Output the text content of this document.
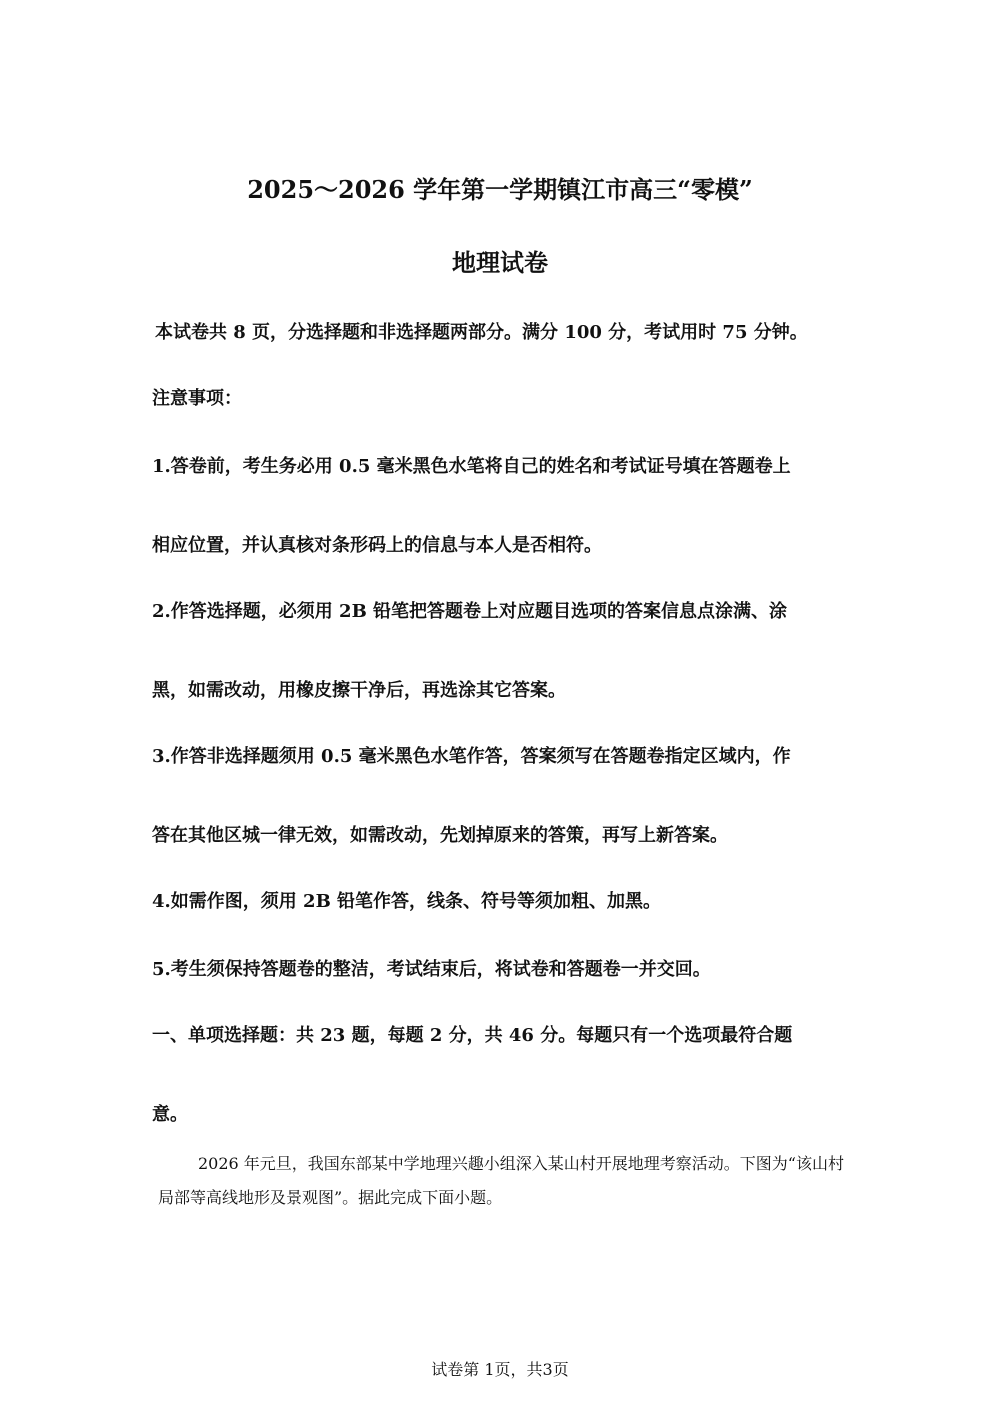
2025～2026 学年第一学期镇江市高三“零模”
地理试卷
本试卷共 8 页，分选择题和非选择题两部分。满分 100 分，考试用时 75 分钟。
注意事项：
1.答卷前，考生务必用 0.5 毫米黑色水笔将自己的姓名和考试证号填在答题卷上
相应位置，并认真核对条形码上的信息与本人是否相符。
2.作答选择题，必须用 2B 铅笔把答题卷上对应题目选项的答案信息点涂满、涂
黑，如需改动，用橡皮擦干净后，再选涂其它答案。
3.作答非选择题须用 0.5 毫米黑色水笔作答，答案须写在答题卷指定区域内，作
答在其他区城一律无效，如需改动，先划掉原来的答策，再写上新答案。
4.如需作图，须用 2B 铅笔作答，线条、符号等须加粗、加黑。
5.考生须保持答题卷的整洁，考试结束后，将试卷和答题卷一并交回。
一、单项选择题：共 23 题，每题 2 分，共 46 分。每题只有一个选项最符合题
意。
2026 年元旦，我国东部某中学地理兴趣小组深入某山村开展地理考察活动。下图为“该山村局部等高线地形及景观图”。据此完成下面小题。
试卷第 1页，共3页
